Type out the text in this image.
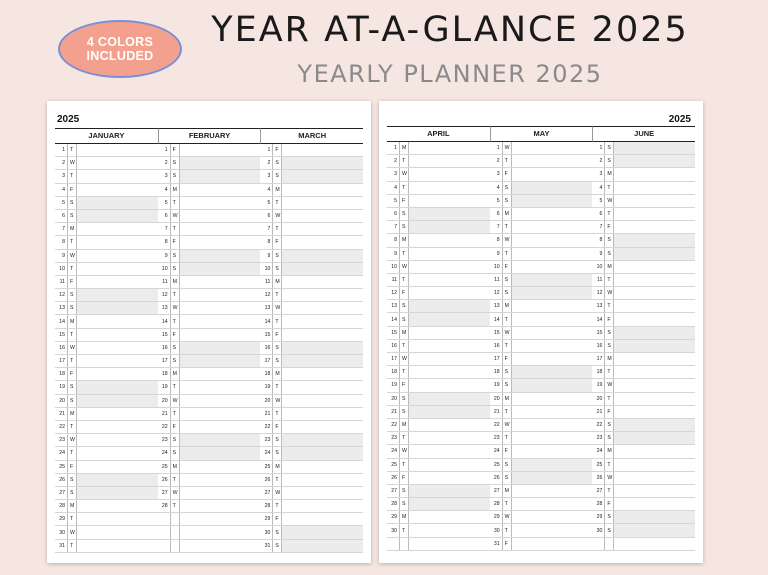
4 COLORS
INCLUDED
YEAR AT-A-GLANCE 2025
YEARLY PLANNER 2025
2025
JANUARY
1 T
2 W
3 T
4 F
5 S
6 S
7 M
8 T
9 W
10 T
11 F
12 S
13 S
14 M
15 T
16 W
17 T
18 F
19 S
20 S
21 M
22 T
23 W
24 T
25 F
26 S
27 S
28 M
29 T
30 W
31 T
FEBRUARY
1 F
2 S
3 S
4 M
5 T
6 W
7 T
8 F
9 S
10 S
11 M
12 T
13 W
14 T
15 F
16 S
17 S
18 M
19 T
20 W
21 T
22 F
23 S
24 S
25 M
26 T
27 W
28 T
MARCH
1 F
2 S
3 S
4 M
5 T
6 W
7 T
8 F
9 S
10 S
11 M
12 T
13 W
14 T
15 F
16 S
17 S
18 M
19 T
20 W
21 T
22 F
23 S
24 S
25 M
26 T
27 W
28 T
29 F
30 S
31 S
2025
APRIL
1 M
2 T
3 W
4 T
5 F
6 S
7 S
8 M
9 T
10 W
11 T
12 F
13 S
14 S
15 M
16 T
17 W
18 T
19 F
20 S
21 S
22 M
23 T
24 W
25 T
26 F
27 S
28 S
29 M
30 T
MAY
1 W
2 T
3 F
4 S
5 S
6 M
7 T
8 W
9 T
10 F
11 S
12 S
13 M
14 T
15 W
16 T
17 F
18 S
19 S
20 M
21 T
22 W
23 T
24 F
25 S
26 S
27 M
28 T
29 W
30 T
31 F
JUNE
1 S
2 S
3 M
4 T
5 W
6 T
7 F
8 S
9 S
10 M
11 T
12 W
13 T
14 F
15 S
16 S
17 M
18 T
19 W
20 T
21 F
22 S
23 S
24 M
25 T
26 W
27 T
28 F
29 S
30 S
